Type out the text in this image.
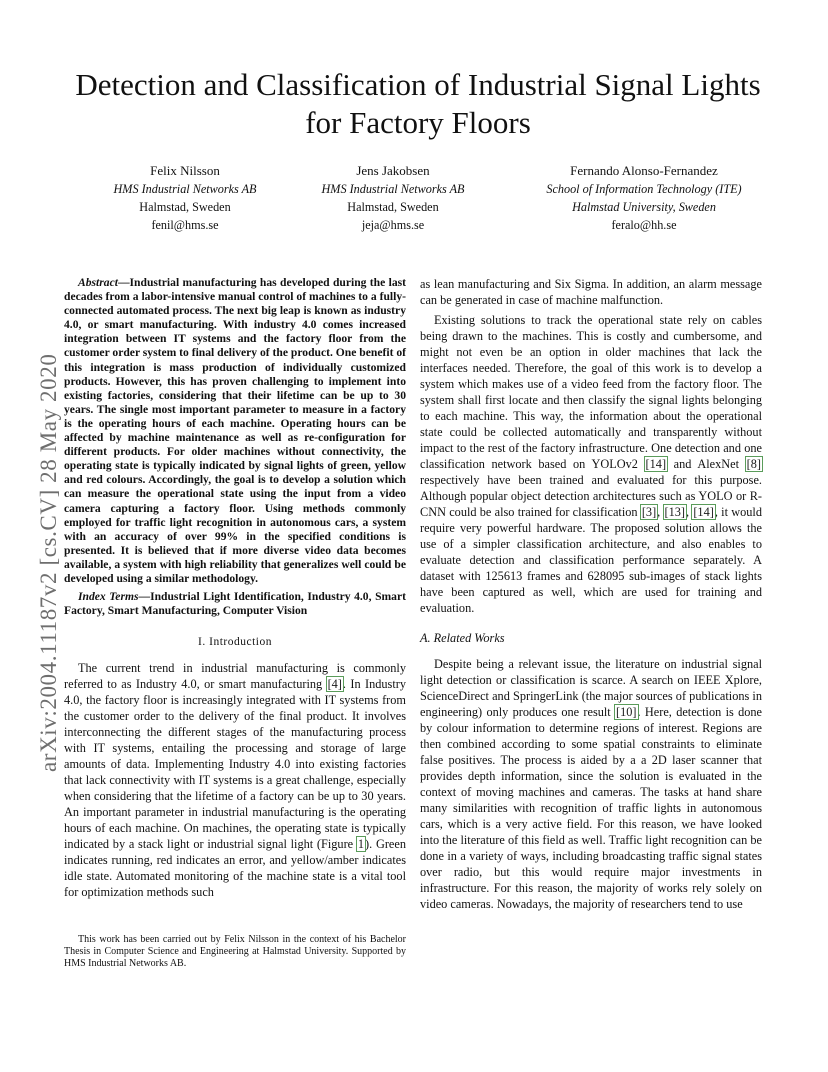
arXiv:2004.11187v2 [cs.CV] 28 May 2020
Detection and Classification of Industrial Signal Lights for Factory Floors
Felix Nilsson
HMS Industrial Networks AB
Halmstad, Sweden
fenil@hms.se
Jens Jakobsen
HMS Industrial Networks AB
Halmstad, Sweden
jeja@hms.se
Fernando Alonso-Fernandez
School of Information Technology (ITE)
Halmstad University, Sweden
feralo@hh.se

Abstract—Industrial manufacturing has developed during the last decades from a labor-intensive manual control of machines to a fully-connected automated process. The next big leap is known as industry 4.0, or smart manufacturing. With industry 4.0 comes increased integration between IT systems and the factory floor from the customer order system to final delivery of the product. One benefit of this integration is mass production of individually customized products. However, this has proven challenging to implement into existing factories, considering that their lifetime can be up to 30 years. The single most important parameter to measure in a factory is the operating hours of each machine. Operating hours can be affected by machine maintenance as well as re-configuration for different products. For older machines without connectivity, the operating state is typically indicated by signal lights of green, yellow and red colours. Accordingly, the goal is to develop a solution which can measure the operational state using the input from a video camera capturing a factory floor. Using methods commonly employed for traffic light recognition in autonomous cars, a system with an accuracy of over 99% in the specified conditions is presented. It is believed that if more diverse video data becomes available, a system with high reliability that generalizes well could be developed using a similar methodology.

Index Terms—Industrial Light Identification, Industry 4.0, Smart Factory, Smart Manufacturing, Computer Vision

I. Introduction

The current trend in industrial manufacturing is commonly referred to as Industry 4.0, or smart manufacturing [4]. In Industry 4.0, the factory floor is increasingly integrated with IT systems from the customer order to the delivery of the final product. It involves interconnecting the different stages of the manufacturing process with IT systems, entailing the processing and storage of large amounts of data. Implementing Industry 4.0 into existing factories that lack connectivity with IT systems is a great challenge, especially when considering that the lifetime of a factory can be up to 30 years. An important parameter in industrial manufacturing is the operating hours of each machine. On machines, the operating state is typically indicated by a stack light or industrial signal light (Figure 1). Green indicates running, red indicates an error, and yellow/amber indicates idle state. Automated monitoring of the machine state is a vital tool for optimization methods such

This work has been carried out by Felix Nilsson in the context of his Bachelor Thesis in Computer Science and Engineering at Halmstad University. Supported by HMS Industrial Networks AB.

as lean manufacturing and Six Sigma. In addition, an alarm message can be generated in case of machine malfunction.

Existing solutions to track the operational state rely on cables being drawn to the machines. This is costly and cumbersome, and might not even be an option in older machines that lack the interfaces needed. Therefore, the goal of this work is to develop a system which makes use of a video feed from the factory floor. The system shall first locate and then classify the signal lights belonging to each machine. This way, the information about the operational state could be collected automatically and transparently without impact to the rest of the factory infrastructure. One detection and one classification network based on YOLOv2 [14] and AlexNet [8] respectively have been trained and evaluated for this purpose. Although popular object detection architectures such as YOLO or R-CNN could be also trained for classification [3], [13], [14], it would require very powerful hardware. The proposed solution allows the use of a simpler classification architecture, and also enables to evaluate detection and classification performance separately. A dataset with 125613 frames and 628095 sub-images of stack lights have been captured as well, which are used for training and evaluation.

A. Related Works

Despite being a relevant issue, the literature on industrial signal light detection or classification is scarce. A search on IEEE Xplore, ScienceDirect and SpringerLink (the major sources of publications in engineering) only produces one result [10]. Here, detection is done by colour information to determine regions of interest. Regions are then combined according to some spatial constraints to eliminate false positives. The process is aided by a a 2D laser scanner that provides depth information, since the solution is evaluated in the context of moving machines and cameras. The tasks at hand share many similarities with recognition of traffic lights in autonomous cars, which is a very active field. For this reason, we have looked into the literature of this field as well. Traffic light recognition can be done in a variety of ways, including broadcasting traffic signal states over radio, but this would require major investments in infrastructure. For this reason, the majority of works rely solely on video cameras. Nowadays, the majority of researchers tend to use
